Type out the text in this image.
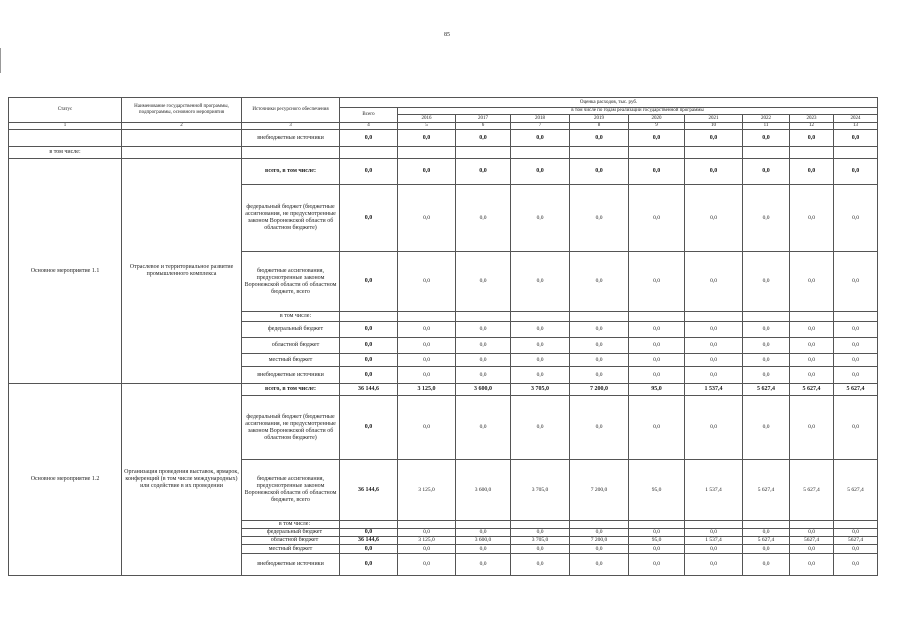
85
Статус	Наименование государственной программы, подпрограммы, основного мероприятия	Источники ресурсного обеспечения	Оценка расходов, тыс. руб.									
			Всего	в том числе по годам реализации государственной программы								
				2016	2017	2018	2019	2020	2021	2022	2023	2024
1	2	3	4	5	6	7	8	9	10	11	12	13
		внебюджетные источники	0,0	0,0	0,0	0,0	0,0	0,0	0,0	0,0	0,0	0,0
в том числе:												
Основное мероприятие 1.1	Отраслевое и территориальное развитие промышленного комплекса	всего, в том числе:	0,0	0,0	0,0	0,0	0,0	0,0	0,0	0,0	0,0	0,0
		федеральный бюджет (бюджетные ассигнования, не предусмотренные законом Воронежской области об областном бюджете)	0,0	0,0	0,0	0,0	0,0	0,0	0,0	0,0	0,0	0,0
		бюджетные ассигнования, предусмотренные законом Воронежской области об областном бюджете, всего	0,0	0,0	0,0	0,0	0,0	0,0	0,0	0,0	0,0	0,0
		в том числе:										
		федеральный бюджет	0,0	0,0	0,0	0,0	0,0	0,0	0,0	0,0	0,0	0,0
		областной бюджет	0,0	0,0	0,0	0,0	0,0	0,0	0,0	0,0	0,0	0,0
		местный бюджет	0,0	0,0	0,0	0,0	0,0	0,0	0,0	0,0	0,0	0,0
		внебюджетные источники	0,0	0,0	0,0	0,0	0,0	0,0	0,0	0,0	0,0	0,0
Основное мероприятие 1.2	Организация проведения выставок, ярмарок, конференций (в том числе международных) или содействие в их проведении	всего, в том числе:	36 144,6	3 125,0	3 600,0	3 705,0	7 200,0	95,0	1 537,4	5 627,4	5 627,4	5 627,4
		федеральный бюджет (бюджетные ассигнования, не предусмотренные законом Воронежской области об областном бюджете)	0,0	0,0	0,0	0,0	0,0	0,0	0,0	0,0	0,0	0,0
		бюджетные ассигнования, предусмотренные законом Воронежской области об областном бюджете, всего	36 144,6	3 125,0	3 600,0	3 705,0	7 200,0	95,0	1 537,4	5 627,4	5 627,4	5 627,4
		в том числе:										
		федеральный бюджет	0,0	0,0	0,0	0,0	0,0	0,0	0,0	0,0	0,0	0,0
		областной бюджет	36 144,6	3 125,0	3 600,0	3 705,0	7 200,0	95,0	1 537,4	5 627,4	5627,4	5627,4
		местный бюджет	0,0	0,0	0,0	0,0	0,0	0,0	0,0	0,0	0,0	0,0
		внебюджетные источники	0,0	0,0	0,0	0,0	0,0	0,0	0,0	0,0	0,0	0,0
